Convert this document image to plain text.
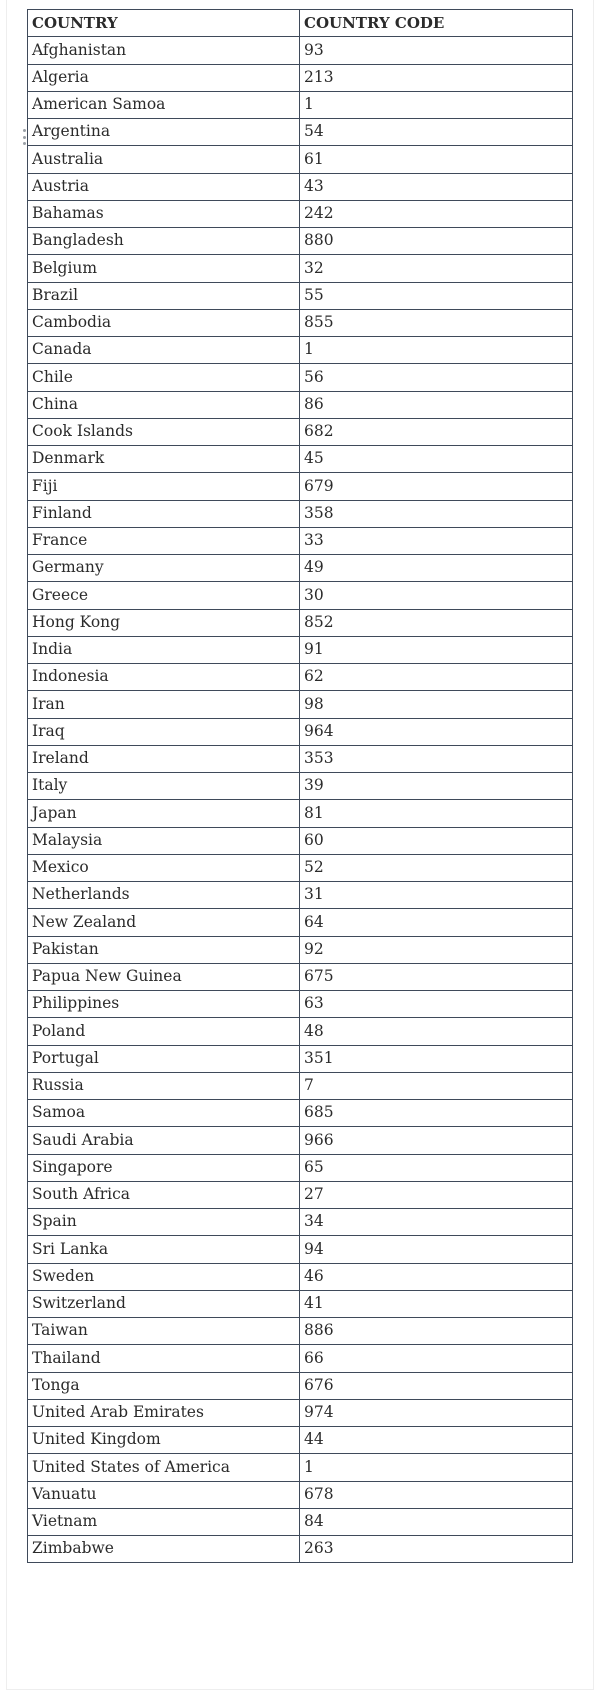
COUNTRY	COUNTRY CODE
Afghanistan	93
Algeria	213
American Samoa	1
Argentina	54
Australia	61
Austria	43
Bahamas	242
Bangladesh	880
Belgium	32
Brazil	55
Cambodia	855
Canada	1
Chile	56
China	86
Cook Islands	682
Denmark	45
Fiji	679
Finland	358
France	33
Germany	49
Greece	30
Hong Kong	852
India	91
Indonesia	62
Iran	98
Iraq	964
Ireland	353
Italy	39
Japan	81
Malaysia	60
Mexico	52
Netherlands	31
New Zealand	64
Pakistan	92
Papua New Guinea	675
Philippines	63
Poland	48
Portugal	351
Russia	7
Samoa	685
Saudi Arabia	966
Singapore	65
South Africa	27
Spain	34
Sri Lanka	94
Sweden	46
Switzerland	41
Taiwan	886
Thailand	66
Tonga	676
United Arab Emirates	974
United Kingdom	44
United States of America	1
Vanuatu	678
Vietnam	84
Zimbabwe	263
